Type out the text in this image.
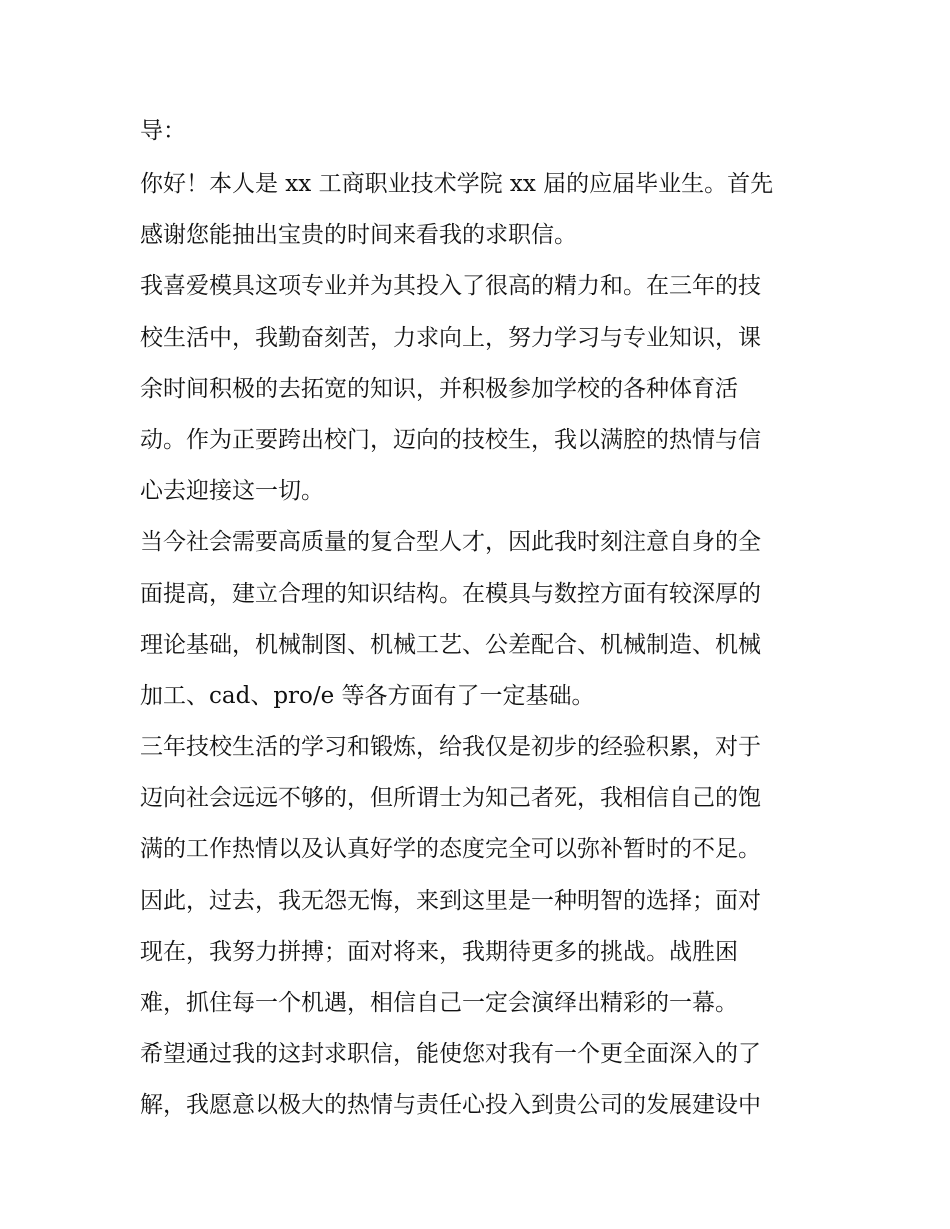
导：
你好！本人是 xx 工商职业技术学院 xx 届的应届毕业生。首先
感谢您能抽出宝贵的时间来看我的求职信。
我喜爱模具这项专业并为其投入了很高的精力和。在三年的技
校生活中，我勤奋刻苦，力求向上，努力学习与专业知识，课
余时间积极的去拓宽的知识，并积极参加学校的各种体育活
动。作为正要跨出校门，迈向的技校生，我以满腔的热情与信
心去迎接这一切。
当今社会需要高质量的复合型人才，因此我时刻注意自身的全
面提高，建立合理的知识结构。在模具与数控方面有较深厚的
理论基础，机械制图、机械工艺、公差配合、机械制造、机械
加工、cad、pro/e 等各方面有了一定基础。
三年技校生活的学习和锻炼，给我仅是初步的经验积累，对于
迈向社会远远不够的，但所谓士为知己者死，我相信自己的饱
满的工作热情以及认真好学的态度完全可以弥补暂时的不足。
因此，过去，我无怨无悔，来到这里是一种明智的选择；面对
现在，我努力拼搏；面对将来，我期待更多的挑战。战胜困
难，抓住每一个机遇，相信自己一定会演绎出精彩的一幕。
希望通过我的这封求职信，能使您对我有一个更全面深入的了
解，我愿意以极大的热情与责任心投入到贵公司的发展建设中
